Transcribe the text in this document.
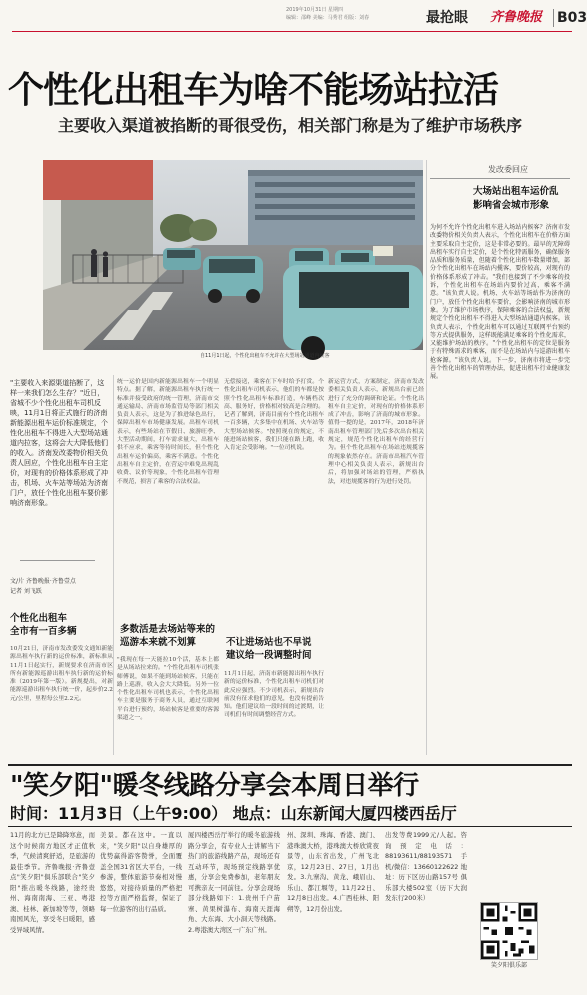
2019年10月31日 星期四
编辑：邵峰 美编：马秀君 组版：刘春	最抢眼 齐鲁晚报 B03
个性化出租车为啥不能场站拉活
主要收入渠道被掐断的哥很受伤，相关部门称是为了维护市场秩序
自11月1日起，个性化出租车不允许在大型场站通道内候客
发改委回应
大场站出租车运价乱
影响省会城市形象
为何不允许个性化出租车进入场站内候客？济南市发改委物价相关负责人表示，个性化出租车在价格方面主要采取自主定价，这是非常必要的。最早的无障碍出租车实行自主定价，是个性化特需服务，确保服务品质和服务质量，但随着个性化出租车数量增加，部分个性化出租车在场站内揽客，要价较高，对现有的价格体系形成了冲击。"我们也接到了不少乘客的投诉，个性化出租车在场站内要价过高，乘客不满意。"该负责人说。机场、火车站等场站作为济南的门户，放任个性化出租车要价，会影响济南的城市形象。为了维护市场秩序，保障乘客的合法权益，新规规定个性化出租车不得进入大型场站通道内候客。该负责人表示，个性化出租车可以通过互联网平台预约等方式提供服务，这样既能满足乘客的个性化需求，又能维护场站的秩序。"个性化出租车的定位是服务于有特殊需求的乘客，而不是在场站内与巡游出租车抢客源。"该负责人说。下一步，济南市将进一步完善个性化出租车的管理办法，促进出租车行业健康发展。
"主要收入来源渠道掐断了，这样一来我们怎么生存？"近日，省城不少个性化出租车司机反映，11月1日将正式施行的济南新能源出租车运价标准规定，个性化出租车不得进入大型场站通道内拉客，这将会大大降低他们的收入。济南发改委物价相关负责人回应，个性化出租车自主定价，对现有的价格体系形成了冲击，机场、火车站等场站为济南门户，放任个性化出租车要价影响济南形象。
文/片 齐鲁晚报·齐鲁壹点
记者 刘飞跃
个性化出租车
全市有一百多辆
10月21日，济南市发改委发文通知新能源出租车执行新的运价标准，新标准从11月1日起实行，新规要求在济南市区所有新能源巡游出租车执行新的运价标准（2019年第一版）。新规提出，对新能源巡游出租车执行统一价，起步价2.2元/公里，里程每公里2.2元。
统一运价是国内新能源出租车一个明显特点。据了解，新能源出租车执行统一标准并接受政府的统一管理，济南市交通运输局、济南市场监管局等部门相关负责人表示，这是为了推进绿色出行，保障出租车市场健康发展。出租车司机表示，有些场站在节假日、旅游旺季、大型活动期间，打车需求量大，出租车供不应求，乘客等待时间长，但个性化出租车运价偏高，乘客不满意。个性化出租车自主定价，在营运中难免出现乱收费、议价等现象，个性化出租车管理不规范，损害了乘客的合法权益。
多数活是去场站等来的
巡游本来就不划算
"我现在每一天能拉10个活，基本上都是从场站拉来的。"个性化出租车司机张师傅说，如果不能到场站候客，只能在路上巡游，收入会大大降低。另外一位个性化出租车司机也表示，个性化出租车主要是服务于商务人员，通过互联网平台进行预约，场站候客是重要的客源渠道之一。
无偿接送，乘客在下车时给予打赏。个性化出租车司机表示，他们的车都是按照个性化出租车标准打造，车辆档次高、服务好，价格相对较高是合理的。记者了解到，济南目前有个性化出租车一百多辆，大多集中在机场、火车站等大型场站候客。"按照现在的规定，不能进场站候客，我们只能在路上跑，收入肯定会受影响。"一位司机说。
不让进场站也不早说
建议给一段调整时间
11月1日起，济南市新能源出租车执行新的运价标准，个性化出租车司机们对此反应强烈。不少司机表示，新规出台前没有征求他们的意见，也没有提前告知。他们建议给一段时间的过渡期，让司机们有时间调整经营方式。
新运营方式，方案制定，济南市发改委相关负责人表示，新规出台前已经进行了充分的调研和论证。个性化出租车自主定价，对现有的价格体系形成了冲击，影响了济南的城市形象。值得一提的是，2017年，2018年济南出租车管理部门先后多次出台相关规定，规范个性化出租车的经营行为。但个性化出租车在场站违规揽客的现象依然存在。济南市出租汽车管理中心相关负责人表示，新规出台后，将加强对场站的管理，严格执法，对违规揽客的行为进行处罚。
"笑夕阳"暖冬线路分享会本周日举行
时间：11月3日（上午9:00） 地点：山东新闻大厦四楼西岳厅
11月的北方已是降降寒意，而这个时候南方地区才正值秋季，气候清爽舒适，是旅游的最佳季节。齐鲁晚报·齐鲁壹点"笑夕阳"俱乐部联合"笑夕阳"推出暖冬线路，途经贵州、海南南海、三亚、粤港澳、桂林、新加坡等等，领略南国风光，享受冬日暖阳，感受异域风情。
美景。都在这中。一直以来，"笑夕阳"以自身雄厚的优势赢得游客赞誉，全面覆盖全国31省区大平台，一线参游，整体旅游节奏相对慢悠悠，对接待质量的严格把控等方面严格监督，保证了每一位游客的出行品质。
厦四楼西岳厅举行的暖冬旅游线路分享会，有专业人士讲解当下热门的旅游线路产品，现场还有互动环节，现场预定线路享优惠，分享会免费参加，老年朋友可携亲友一同前往。分享会现场部分线路如下：1.贵州千户苗寨、黄果树瀑布、海南天涯海角、大东海、大小洞天等线路。2.粤港澳大湾区一广东广州。
州、深圳、珠海、香港、澳门、港珠澳大桥，港珠澳大桥欣赏夜景等，山东省出发，广州飞北京，12月23日、27日，1月出发。3.九寨沟、黄龙、峨眉山、乐山、都江堰等，11月22日、12月8日出发。4.广西桂林、阳朔等，12月份出发。
出发等费1999元/人起。咨询预定电话：88193611/88193571 手机/微信：13660122622 地址：历下区历山路157号 俱乐部大楼502室（历下大润发东行200米）
笑夕阳俱乐部
